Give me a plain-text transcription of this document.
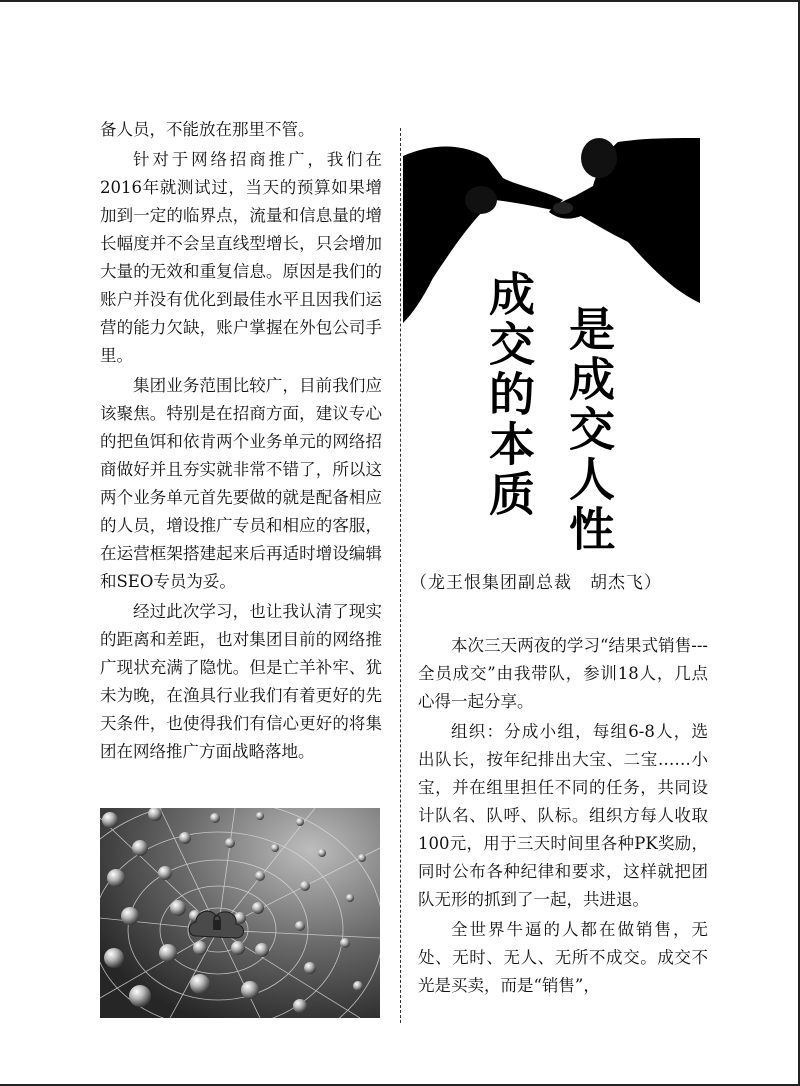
备人员，不能放在那里不管。

针对于网络招商推广，我们在2016年就测试过，当天的预算如果增加到一定的临界点，流量和信息量的增长幅度并不会呈直线型增长，只会增加大量的无效和重复信息。原因是我们的账户并没有优化到最佳水平且因我们运营的能力欠缺，账户掌握在外包公司手里。

集团业务范围比较广，目前我们应该聚焦。特别是在招商方面，建议专心的把鱼饵和依肯两个业务单元的网络招商做好并且夯实就非常不错了，所以这两个业务单元首先要做的就是配备相应的人员，增设推广专员和相应的客服，在运营框架搭建起来后再适时增设编辑和SEO专员为妥。

经过此次学习，也让我认清了现实的距离和差距，也对集团目前的网络推广现状充满了隐忧。但是亡羊补牢、犹未为晚，在渔具行业我们有着更好的先天条件，也使得我们有信心更好的将集团在网络推广方面战略落地。

成交的本质 是成交人性
（龙王恨集团副总裁　胡杰飞）

本次三天两夜的学习“结果式销售---全员成交”由我带队，参训18人，几点心得一起分享。

组织：分成小组，每组6-8人，选出队长，按年纪排出大宝、二宝……小宝，并在组里担任不同的任务，共同设计队名、队呼、队标。组织方每人收取100元，用于三天时间里各种PK奖励，同时公布各种纪律和要求，这样就把团队无形的抓到了一起，共进退。

全世界牛逼的人都在做销售，无处、无时、无人、无所不成交。成交不光是买卖，而是“销售”，
